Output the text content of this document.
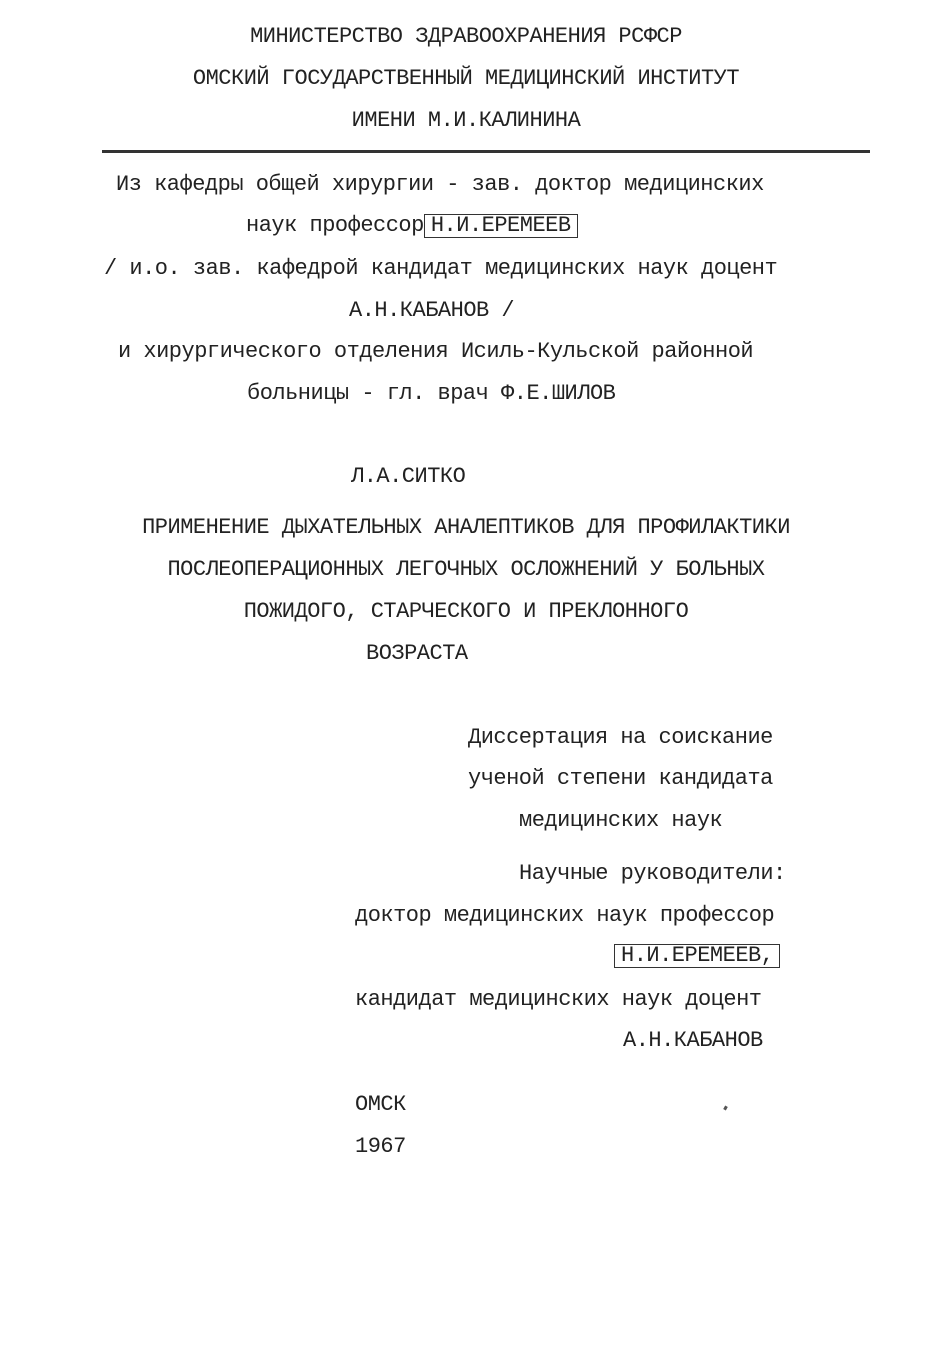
МИНИСТЕРСТВО ЗДРАВООХРАНЕНИЯ РСФСР
ОМСКИЙ ГОСУДАРСТВЕННЫЙ МЕДИЦИНСКИЙ ИНСТИТУТ
ИМЕНИ М.И.КАЛИНИНА
Из кафедры общей хирургии - зав. доктор медицинских
наук профессор Н.И.ЕРЕМЕЕВ
/ и.о. зав. кафедрой кандидат медицинских наук доцент
А.Н.КАБАНОВ /
и хирургического отделения Исиль-Кульской районной
больницы - гл. врач Ф.Е.ШИЛОВ
Л.А.СИТКО
ПРИМЕНЕНИЕ ДЫХАТЕЛЬНЫХ АНАЛЕПТИКОВ ДЛЯ ПРОФИЛАКТИКИ
ПОСЛЕОПЕРАЦИОННЫХ ЛЕГОЧНЫХ ОСЛОЖНЕНИЙ У БОЛЬНЫХ
ПОЖИДОГО, СТАРЧЕСКОГО И ПРЕКЛОННОГО
ВОЗРАСТА
Диссертация на соискание
ученой степени кандидата
медицинских наук
Научные руководители:
доктор медицинских наук профессор
Н.И.ЕРЕМЕЕВ,
кандидат медицинских наук доцент
А.Н.КАБАНОВ
ОМСК
1967
